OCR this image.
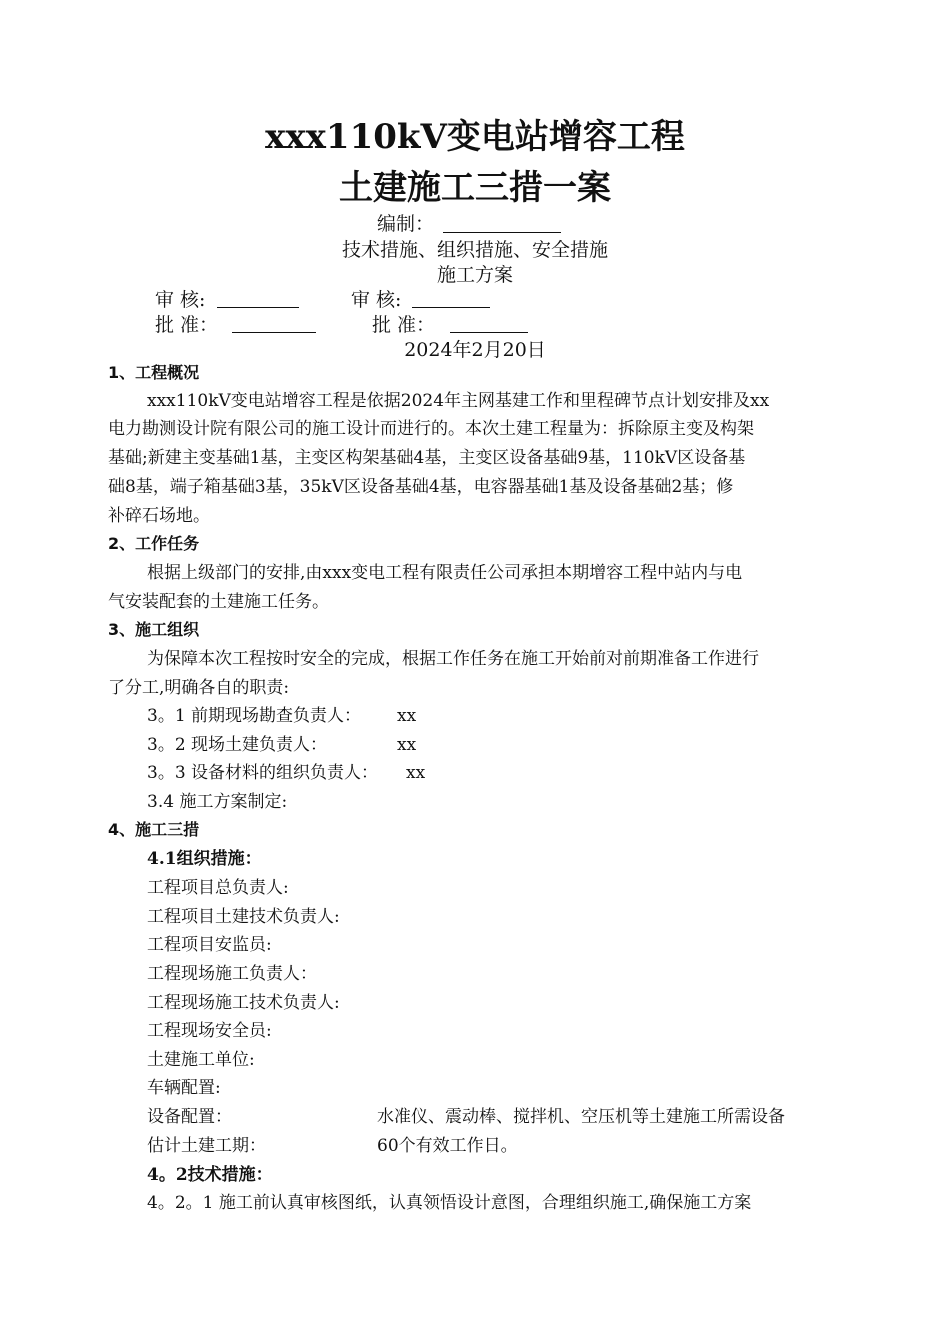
xxx110kV变电站增容工程
土建施工三措一案
编制：
技术措施、组织措施、安全措施
施工方案
审 核:	审 核:
批 准：	批 准：
2024年2月20日
1、工程概况
xxx110kV变电站增容工程是依据2024年主网基建工作和里程碑节点计划安排及xx
电力勘测设计院有限公司的施工设计而进行的。本次土建工程量为：拆除原主变及构架
基础;新建主变基础1基，主变区构架基础4基，主变区设备基础9基，110kV区设备基
础8基，端子箱基础3基，35kV区设备基础4基，电容器基础1基及设备基础2基；修
补碎石场地。
2、工作任务
根据上级部门的安排,由xxx变电工程有限责任公司承担本期增容工程中站内与电
气安装配套的土建施工任务。
3、施工组织
为保障本次工程按时安全的完成，根据工作任务在施工开始前对前期准备工作进行
了分工,明确各自的职责:
3。1 前期现场勘查负责人： xx
3。2 现场土建负责人：	xx
3。3 设备材料的组织负责人： xx
3.4 施工方案制定:
4、施工三措
4.1组织措施：
工程项目总负责人:
工程项目土建技术负责人:
工程项目安监员:
工程现场施工负责人：
工程现场施工技术负责人:
工程现场安全员:
土建施工单位:
车辆配置:
设备配置：	水准仪、震动棒、搅拌机、空压机等土建施工所需设备
估计土建工期：	60个有效工作日。
4。2技术措施：
4。2。1 施工前认真审核图纸，认真领悟设计意图，合理组织施工,确保施工方案
